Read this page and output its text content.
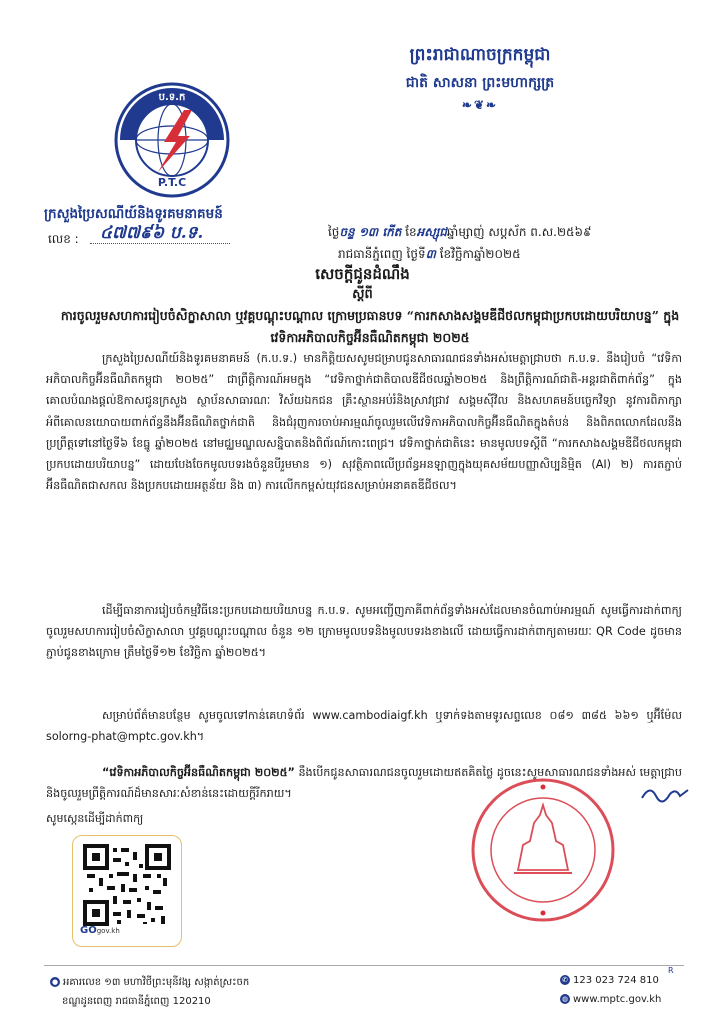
ព្រះរាជាណាចក្រកម្ពុជា
ជាតិ សាសនា ព្រះមហាក្សត្រ
❧❦❧
ប.ទ.ក
P.T.C
ក្រសួងប្រៃសណីយ៍និងទូរគមនាគមន៍
លេខ : ៤៧៧៩៦ ប.ទ.	ថ្ងៃចន្ទ ១៣ កើត ខែអស្សុជឆ្នាំម្សាញ់ សប្តស័ក ព.ស.២៥៦៩
រាជធានីភ្នំពេញ ថ្ងៃទី៣ ខែវិច្ឆិកាឆ្នាំ២០២៥
សេចក្តីជូនដំណឹង
ស្តីពី
ការចូលរួមសហការរៀបចំសិក្ខាសាលា ឬវគ្គបណ្តុះបណ្តាល ក្រោមប្រធានបទ “ការកសាងសង្គមឌីជីថលកម្ពុជាប្រកបដោយបរិយាបន្ន” ក្នុងវេទិកាអភិបាលកិច្ចអ៊ីនធឺណិតកម្ពុជា ២០២៥
ក្រសួងប្រៃសណីយ៍និងទូរគមនាគមន៍ (ក.ប.ទ.) មានកិត្តិយសសូមជម្រាបជូនសាធារណជនទាំងអស់មេត្តាជ្រាបថា ក.ប.ទ. នឹងរៀបចំ “វេទិកាអភិបាលកិច្ចអ៊ីនធឺណិតកម្ពុជា ២០២៥” ជាព្រឹត្តិការណ៍អមក្នុង “វេទិកាថ្នាក់ជាតិបាលឌីជីថលឆ្នាំ២០២៥ និងព្រឹត្តិការណ៍ជាតិ-អន្តរជាតិពាក់ព័ន្ធ” ក្នុងគោលបំណងផ្តល់ឱកាសជូនក្រសួង ស្ថាប័នសាធារណៈ វិស័យឯកជន គ្រឹះស្ថានអប់រំនិងស្រាវជ្រាវ សង្គមស៊ីវិល និងសហគមន៍បច្ចេកវិទ្យា នូវការពិភាក្សាអំពីគោលនយោបាយពាក់ព័ន្ធនឹងអ៊ីនធឺណិតថ្នាក់ជាតិ និងជំរុញការចាប់អារម្មណ៍ចូលរួមលើវេទិកាអភិបាលកិច្ចអ៊ីនធឺណិតក្នុងតំបន់ និងពិភពលោកដែលនឹងប្រព្រឹត្តទៅនៅថ្ងៃទី៦ ខែធ្នូ ឆ្នាំ២០២៥ នៅមជ្ឈមណ្ឌលសន្និបាតនិងពិព័រណ៍កោះពេជ្រ។ វេទិកាថ្នាក់ជាតិនេះ មានមូលបទស្តីពី “ការកសាងសង្គមឌីជីថលកម្ពុជាប្រកបដោយបរិយាបន្ន” ដោយបែងចែកមូលបទរងចំនួនបីរួមមាន ១) សុវត្ថិភាពលើប្រព័ន្ធអនឡាញក្នុងយុគសម័យបញ្ញាសិប្បនិម្មិត (AI) ២) ការតភ្ជាប់អ៊ីនធឺណិតជាសកល និងប្រកបដោយអត្ថន័យ និង ៣) ការលើកកម្ពស់យុវជនសម្រាប់អនាគតឌីជីថល។
ដើម្បីធានាការរៀបចំកម្មវិធីនេះប្រកបដោយបរិយាបន្ន ក.ប.ទ. សូមអញ្ជើញភាគីពាក់ព័ន្ធទាំងអស់ដែលមានចំណាប់អារម្មណ៍ សូមធ្វើការដាក់ពាក្យចូលរួមសហការរៀបចំសិក្ខាសាលា ឬវគ្គបណ្តុះបណ្តាល ចំនួន ១២ ក្រោមមូលបទនិងមូលបទរងខាងលើ ដោយធ្វើការដាក់ពាក្យតាមរយៈ QR Code ដូចមានភ្ជាប់ជូនខាងក្រោម ត្រឹមថ្ងៃទី១២ ខែវិច្ឆិកា ឆ្នាំ២០២៥។
សម្រាប់ព័ត៌មានបន្ថែម សូមចូលទៅកាន់គេហទំព័រ www.cambodiaigf.kh ឬទាក់ទងតាមទូរសព្ទលេខ ០៨១ ៣៨៥ ៦៦១ ឬអ៊ីម៉ែល solorng-phat@mptc.gov.kh។
“វេទិកាអភិបាលកិច្ចអ៊ីនធឺណិតកម្ពុជា ២០២៥” នឹងបើកជូនសាធារណជនចូលរួមដោយឥតគិតថ្លៃ ដូចនេះសូមសាធារណជនទាំងអស់ មេត្តាជ្រាបនិងចូលរួមព្រឹត្តិការណ៍ដ៏មានសារៈសំខាន់នេះដោយក្តីរីករាយ។
សូមស្កេនដើម្បីដាក់ពាក្យ
GOgov.kh
● អគារលេខ ១៣ មហាវិថីព្រះមុនីវង្ស សង្កាត់ស្រះចក
ខណ្ឌដូនពេញ រាជធានីភ្នំពេញ 120210
R
✆ 123 023 724 810
◍ www.mptc.gov.kh
